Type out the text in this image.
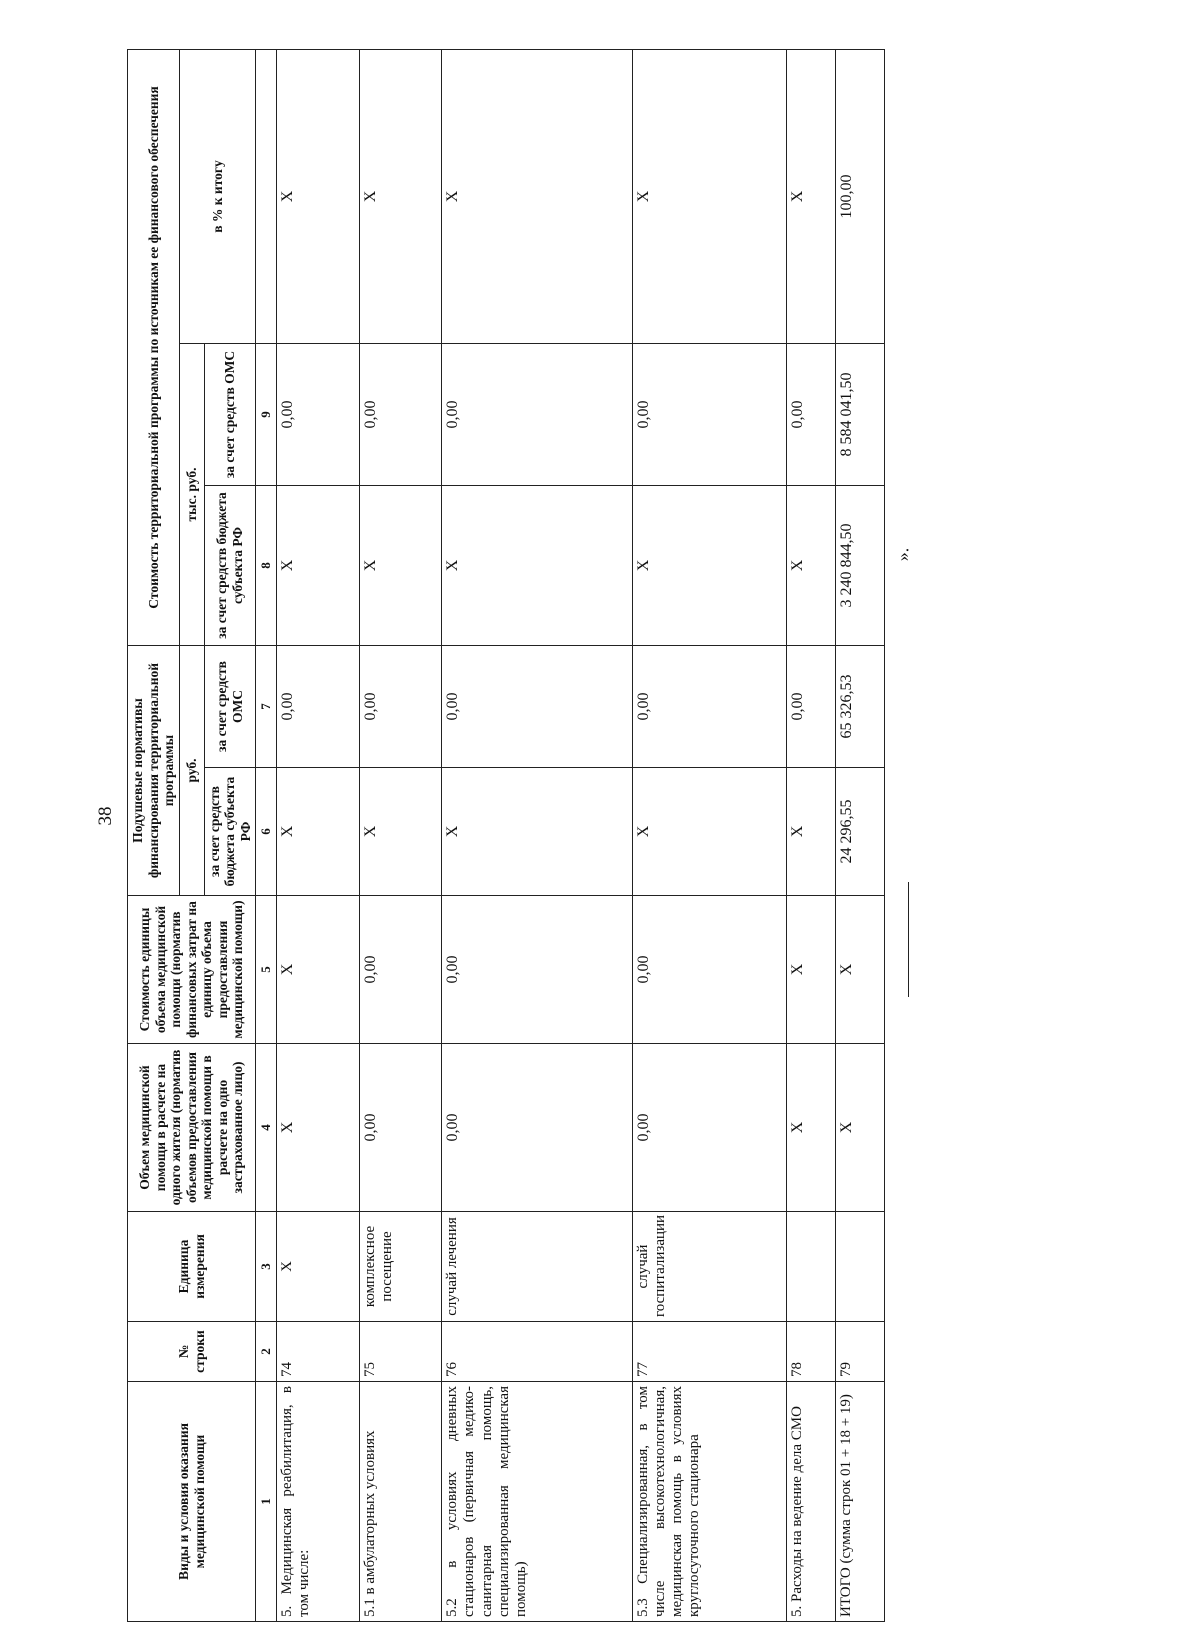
38
Виды и условия оказания медицинской помощи	№ строки	Единица измерения	Объем медицинской помощи в расчете на одного жителя (норматив объемов предоставления медицинской помощи в расчете на одно застрахованное лицо)	Стоимость единицы объема медицинской помощи (норматив финансовых затрат на единицу объема предоставления медицинской помощи)	Подушевые нормативы финансирования территориальной программы		Стоимость территориальной программы по источникам ее финансового обеспечения		
					руб.		тыс. руб.		в % к итогу
					за счет средств бюджета субъекта РФ	за счет средств ОМС	за счет средств бюджета субъекта РФ	за счет средств ОМС	
1	2	3	4	5	6	7	8	9	
5. Медицинская реабилитация, в том числе:	74	Х	Х	Х	Х	0,00	Х	0,00	Х
5.1 в амбулаторных условиях	75	комплексное посещение	0,00	0,00	Х	0,00	Х	0,00	Х
5.2 в условиях дневных стационаров (первичная медико-санитарная помощь, специализированная медицинская помощь)	76	случай лечения	0,00	0,00	Х	0,00	Х	0,00	Х
5.3 Специализированная, в том числе высокотехнологичная, медицинская помощь в условиях круглосуточного стационара	77	случай госпитализации	0,00	0,00	Х	0,00	Х	0,00	Х
5. Расходы на ведение дела СМО	78		Х	Х	Х	0,00	Х	0,00	Х
ИТОГО (сумма строк 01 + 18 + 19)	79		Х	Х	24 296,55	65 326,53	3 240 844,50	8 584 041,50	100,00
».
